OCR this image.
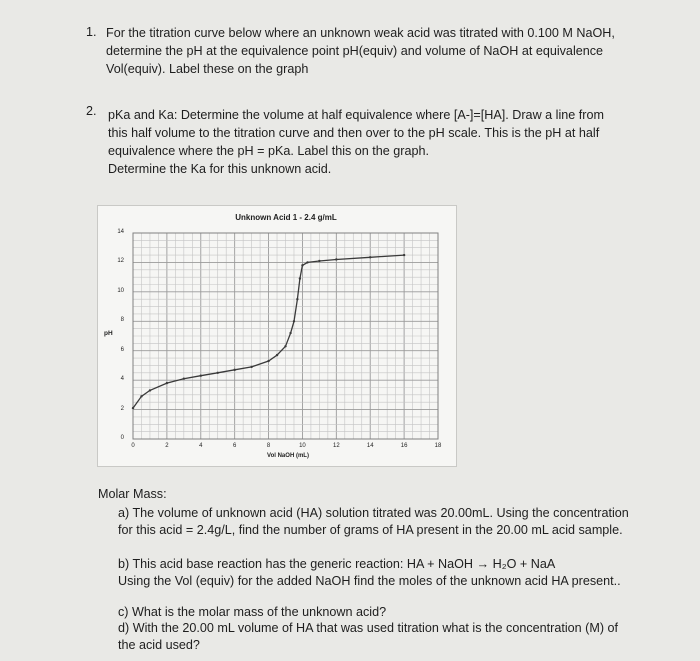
1. For the titration curve below where an unknown weak acid was titrated with 0.100 M NaOH,
determine the pH at the equivalence point pH(equiv) and volume of NaOH at equivalence
Vol(equiv). Label these on the graph
2. pKa and Ka: Determine the volume at half equivalence where [A-]=[HA]. Draw a line from
this half volume to the titration curve and then over to the pH scale. This is the pH at half
equivalence where the pH = pKa. Label this on the graph.
Determine the Ka for this unknown acid.
Unknown Acid 1 - 2.4 g/mL
14
12
10
8
6
4
2
0
0	2	4	6	8	10	12	14	16	18
pH
Vol NaOH (mL)
Molar Mass:
a) The volume of unknown acid (HA) solution titrated was 20.00mL. Using the concentration
for this acid = 2.4g/L, find the number of grams of HA present in the 20.00 mL acid sample.
b) This acid base reaction has the generic reaction: HA + NaOH → H₂O + NaA
Using the Vol (equiv) for the added NaOH find the moles of the unknown acid HA present..
c) What is the molar mass of the unknown acid?
d) With the 20.00 mL volume of HA that was used titration what is the concentration (M) of
the acid used?
